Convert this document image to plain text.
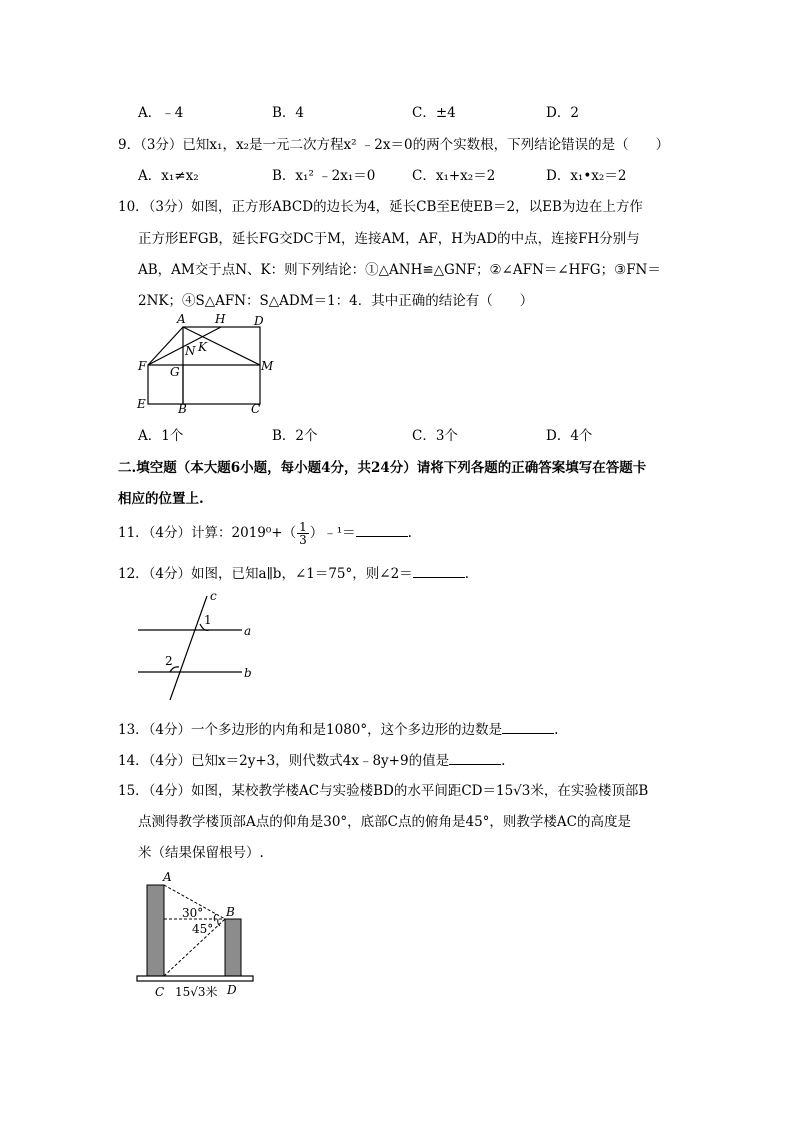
A．﹣4	B．4	C．±4	D．2
9．（3分）已知x₁，x₂是一元二次方程x² ﹣2x＝0的两个实数根，下列结论错误的是（　　）
A．x₁≠x₂	B．x₁² ﹣2x₁＝0	C．x₁+x₂＝2	D．x₁•x₂＝2
10．（3分）如图，正方形ABCD的边长为4，延长CB至E使EB＝2，以EB为边在上方作
正方形EFGB，延长FG交DC于M，连接AM，AF，H为AD的中点，连接FH分别与
AB，AM交于点N、K：则下列结论：①△ANH≌△GNF；②∠AFN＝∠HFG；③FN＝
2NK；④S△AFN：S△ADM＝1：4．其中正确的结论有（　　）
A H D
N K
F G	M
E	B	C
A．1个	B．2个	C．3个	D．4个
二.填空题（本大题6小题，每小题4分，共24分）请将下列各题的正确答案填写在答题卡
相应的位置上.
11．（4分）计算：$2019^0+( \frac{1}{3}$ ）﹣¹＝	.
12．（4分）如图，已知a∥b，∠1＝75°，则∠2＝	.
c
a
b
1
2
13．（4分）一个多边形的内角和是1080°，这个多边形的边数是	.
14．（4分）已知x＝2y+3，则代数式4x﹣8y+9的值是	.
15．（4分）如图，某校教学楼AC与实验楼BD的水平间距CD＝15√3米，在实验楼顶部B
点测得教学楼顶部A点的仰角是30°，底部C点的俯角是45°，则教学楼AC的高度是
米（结果保留根号）.
A
B
C	D
30°
45°
15√3米
